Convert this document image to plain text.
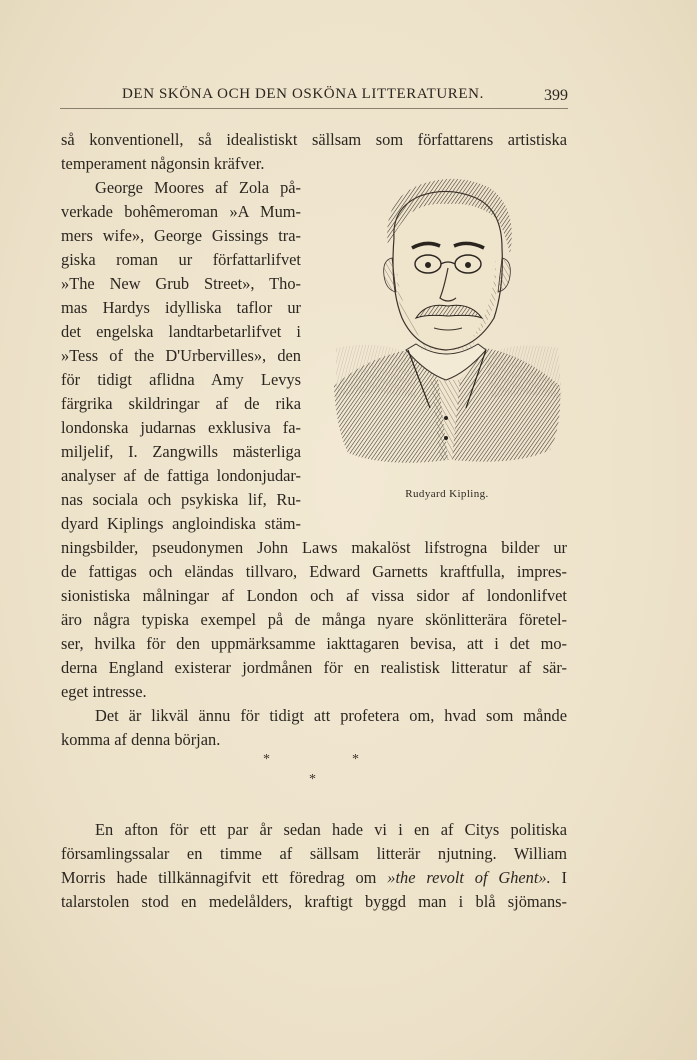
DEN SKÖNA OCH DEN OSKÖNA LITTERATUREN.	399
så konventionell, så idealistiskt sällsam som författarens artistiska
temperament någonsin kräfver.
George Moores af Zola på-
verkade bohêmeroman »A Mum-
mers wife», George Gissings tra-
giska roman ur författarlifvet
»The New Grub Street», Tho-
mas Hardys idylliska taflor ur
det engelska landtarbetarlifvet i
»Tess of the D'Urbervilles», den
för tidigt aflidna Amy Levys
färgrika skildringar af de rika
londonska judarnas exklusiva fa-
miljelif, I. Zangwills mästerliga
analyser af de fattiga londonjudar-
nas sociala och psykiska lif, Ru-
dyard Kiplings angloindiska stäm-
ningsbilder, pseudonymen John Laws makalöst lifstrogna bilder ur
de fattigas och eländas tillvaro, Edward Garnetts kraftfulla, impres-
sionistiska målningar af London och af vissa sidor af londonlifvet
äro några typiska exempel på de många nyare skönlitterära företel-
ser, hvilka för den uppmärksamme iakttagaren bevisa, att i det mo-
derna England existerar jordmånen för en realistisk litteratur af sär-
eget intresse.
Det är likväl ännu för tidigt att profetera om, hvad som månde
komma af denna början.
*	*
*
En afton för ett par år sedan hade vi i en af Citys politiska
församlingssalar en timme af sällsam litterär njutning. William
Morris hade tillkännagifvit ett föredrag om »the revolt of Ghent». I
talarstolen stod en medelålders, kraftigt byggd man i blå sjömans-
Rudyard Kipling.
